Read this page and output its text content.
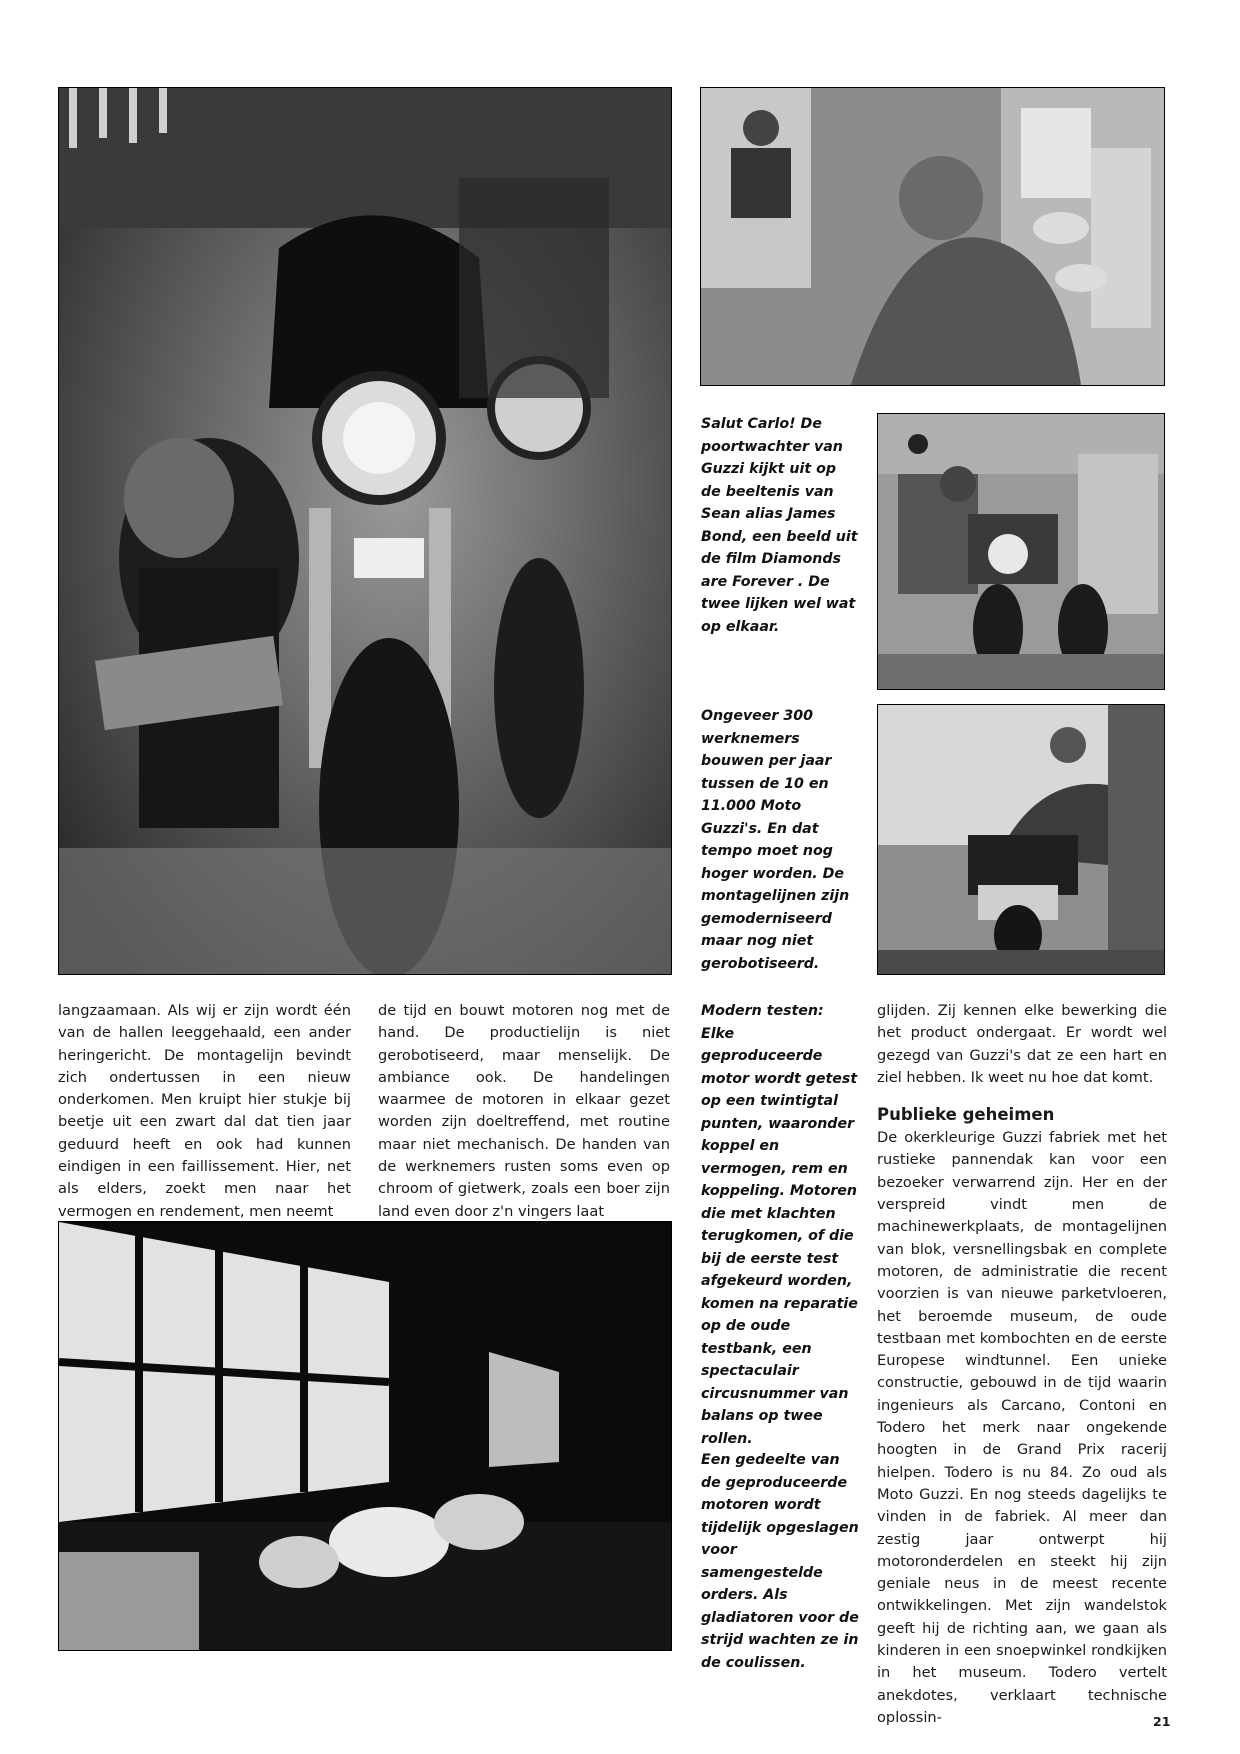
Salut Carlo! De poortwachter van Guzzi kijkt uit op de beeltenis van Sean alias James Bond, een beeld uit de film Diamonds are Forever . De twee lijken wel wat op elkaar.

Ongeveer 300 werknemers bouwen per jaar tussen de 10 en 11.000 Moto Guzzi's. En dat tempo moet nog hoger worden. De montagelijnen zijn gemoderniseerd maar nog niet gerobotiseerd.

Modern testen: Elke geproduceerde motor wordt getest op een twintigtal punten, waaronder koppel en vermogen, rem en koppeling. Motoren die met klachten terugkomen, of die bij de eerste test afgekeurd worden, komen na reparatie op de oude testbank, een spectaculair circusnummer van balans op twee rollen.

Een gedeelte van de geproduceerde motoren wordt tijdelijk opgeslagen voor samengestelde orders. Als gladiatoren voor de strijd wachten ze in de coulissen.

langzaamaan. Als wij er zijn wordt één van de hallen leeggehaald, een ander heringericht. De montagelijn bevindt zich ondertussen in een nieuw onderkomen. Men kruipt hier stukje bij beetje uit een zwart dal dat tien jaar geduurd heeft en ook had kunnen eindigen in een faillissement. Hier, net als elders, zoekt men naar het vermogen en rendement, men neemt

de tijd en bouwt motoren nog met de hand. De productielijn is niet gerobotiseerd, maar menselijk. De ambiance ook. De handelingen waarmee de motoren in elkaar gezet worden zijn doeltreffend, met routine maar niet mechanisch. De handen van de werknemers rusten soms even op chroom of gietwerk, zoals een boer zijn land even door z'n vingers laat

glijden. Zij kennen elke bewerking die het product ondergaat. Er wordt wel gezegd van Guzzi's dat ze een hart en ziel hebben. Ik weet nu hoe dat komt.

Publieke geheimen

De okerkleurige Guzzi fabriek met het rustieke pannendak kan voor een bezoeker verwarrend zijn. Her en der verspreid vindt men de machinewerkplaats, de montagelijnen van blok, versnellingsbak en complete motoren, de administratie die recent voorzien is van nieuwe parketvloeren, het beroemde museum, de oude testbaan met kombochten en de eerste Europese windtunnel. Een unieke constructie, gebouwd in de tijd waarin ingenieurs als Carcano, Contoni en Todero het merk naar ongekende hoogten in de Grand Prix racerij hielpen. Todero is nu 84. Zo oud als Moto Guzzi. En nog steeds dagelijks te vinden in de fabriek. Al meer dan zestig jaar ontwerpt hij motoronderdelen en steekt hij zijn geniale neus in de meest recente ontwikkelingen. Met zijn wandelstok geeft hij de richting aan, we gaan als kinderen in een snoepwinkel rondkijken in het museum. Todero vertelt anekdotes, verklaart technische oplossin-	21
